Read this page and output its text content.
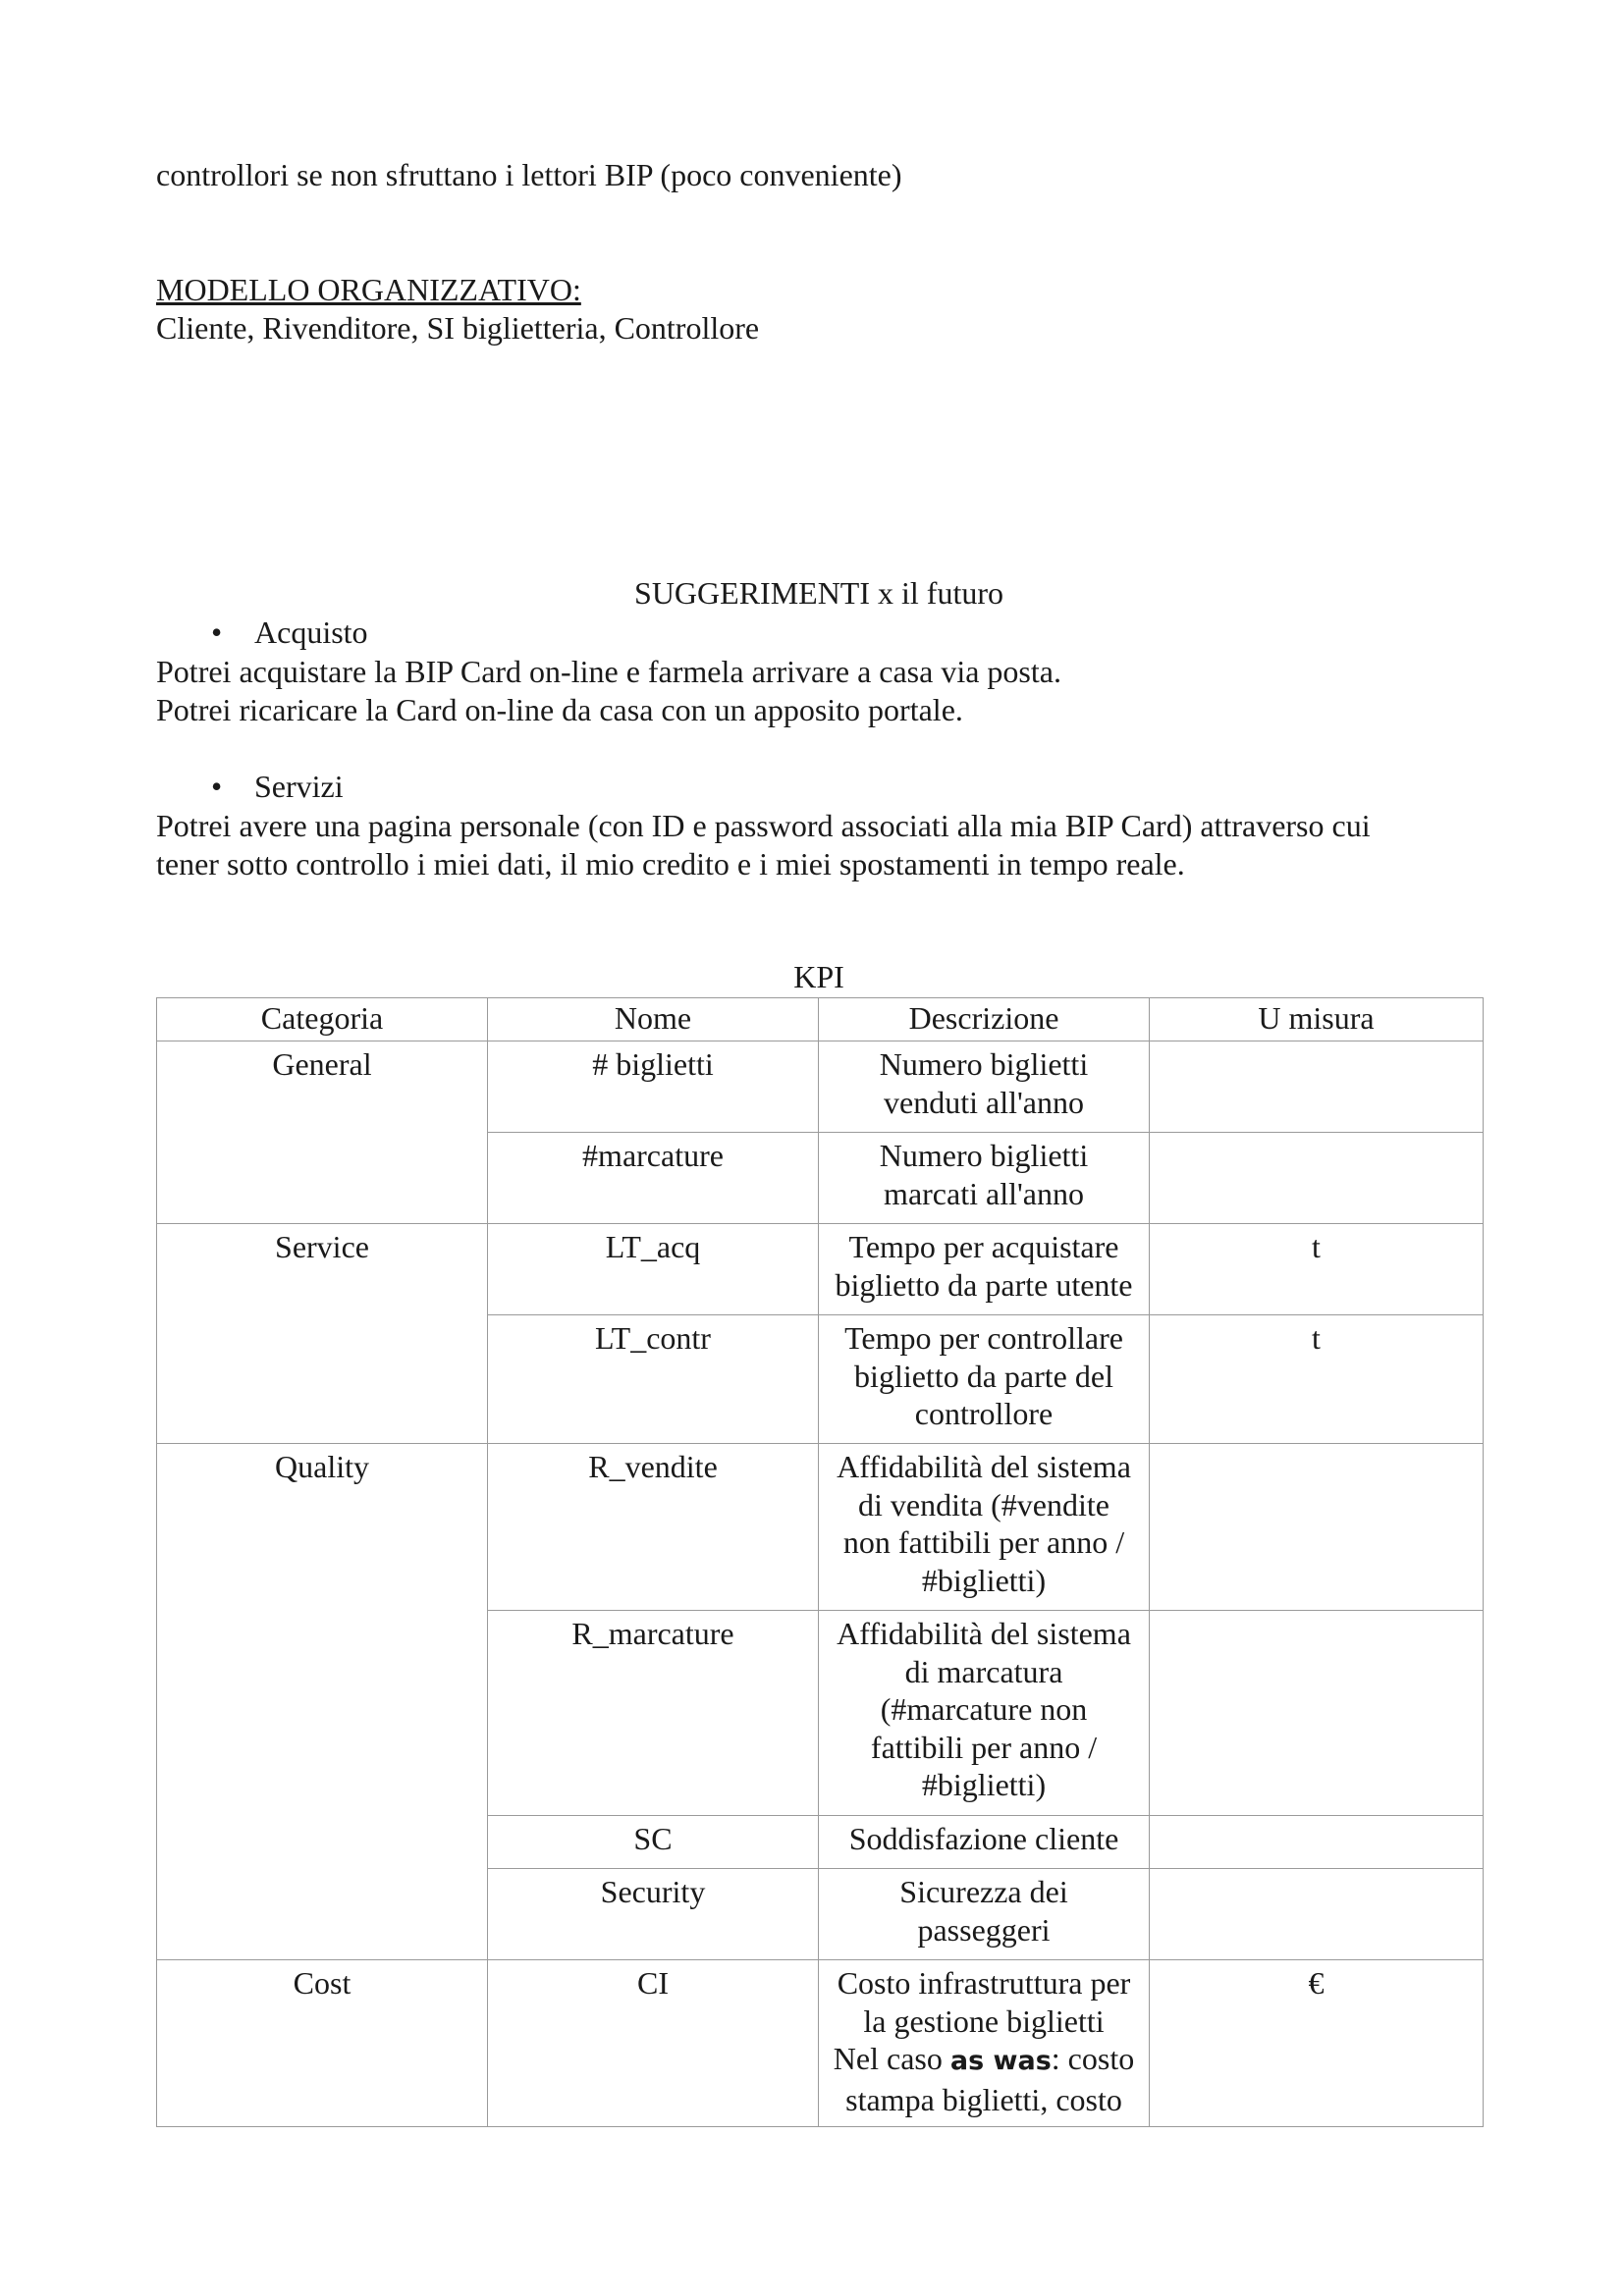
controllori se non sfruttano i lettori BIP (poco conveniente)
MODELLO ORGANIZZATIVO:
Cliente, Rivenditore, SI biglietteria, Controllore
SUGGERIMENTI x il futuro
• Acquisto
Potrei acquistare la BIP Card on-line e farmela arrivare a casa via posta.
Potrei ricaricare la Card on-line da casa con un apposito portale.
• Servizi
Potrei avere una pagina personale (con ID e password associati alla mia BIP Card) attraverso cui
tener sotto controllo i miei dati, il mio credito e i miei spostamenti in tempo reale.
KPI
Categoria	Nome	Descrizione	U misura
General	# biglietti	Numero biglietti
venduti all'anno	

	#marcature	Numero biglietti
marcati all'anno	

Service	LT_acq	Tempo per acquistare
biglietto da parte utente	t
	LT_contr	Tempo per controllare
biglietto da parte del
controllore	t
Quality	R_vendite	Affidabilità del sistema
di vendita (#vendite
non fattibili per anno /
#biglietti)	

	R_marcature	Affidabilità del sistema
di marcatura
(#marcature non
fattibili per anno /
#biglietti)	

	SC	Soddisfazione cliente	

	Security	Sicurezza dei
passeggeri	

Cost	CI	Costo infrastruttura per
la gestione biglietti
Nel caso as was: costo
stampa biglietti, costo	€
